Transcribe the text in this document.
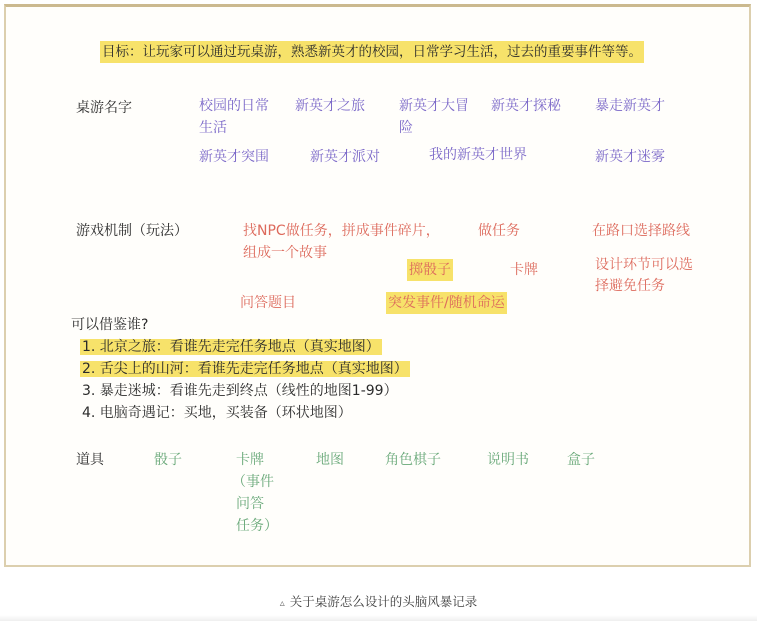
目标：让玩家可以通过玩桌游，熟悉新英才的校园，日常学习生活，过去的重要事件等等。
桌游名字	校园的日常
生活
新英才之旅 新英才大冒
险
新英才探秘 暴走新英才
新英才突围	新英才派对	我的新英才世界	新英才迷雾
游戏机制（玩法）	找NPC做任务，拼成事件碎片，
组成一个故事
做任务	在路口选择路线
掷骰子	卡牌	设计环节可以选
择避免任务
问答题目	突发事件/随机命运
可以借鉴谁?
1. 北京之旅：看谁先走完任务地点（真实地图）
2. 舌尖上的山河：看谁先走完任务地点（真实地图）
3. 暴走迷城：看谁先走到终点（线性的地图1-99）
4. 电脑奇遇记：买地，买装备（环状地图）
道具	骰子	卡牌
（事件
问答
任务）
地图	角色棋子	说明书	盒子
▵ 关于桌游怎么设计的头脑风暴记录
